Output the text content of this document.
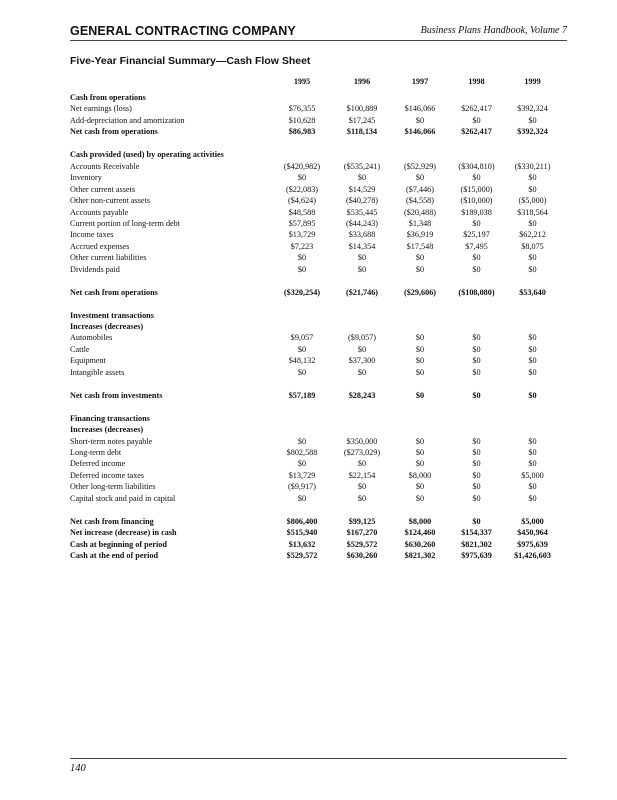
GENERAL CONTRACTING COMPANY	Business Plans Handbook, Volume 7
Five-Year Financial Summary—Cash Flow Sheet
	1995	1996	1997	1998	1999
Cash from operations					
Net earnings (loss)	$76,355	$100,889	$146,066	$262,417	$392,324
Add-depreciation and amortization	$10,628	$17,245	$0	$0	$0
Net cash from operations	$86,983	$118,134	$146,066	$262,417	$392,324

Cash provided (used) by operating activities					
Accounts Receivable	($420,982)	($535,241)	($52,929)	($304,810)	($330,211)
Inventory	$0	$0	$0	$0	$0
Other current assets	($22,083)	$14,529	($7,446)	($15,000)	$0
Other non-current assets	($4,624)	($40,278)	($4,558)	($10,000)	($5,000)
Accounts payable	$48,588	$535,445	($20,488)	$189,038	$318,564
Current portion of long-term debt	$57,895	($44,243)	$1,348	$0	$0
Income taxes	$13,729	$33,688	$36,919	$25,197	$62,212
Accrued expenses	$7,223	$14,354	$17,548	$7,495	$8,075
Other current liabilities	$0	$0	$0	$0	$0
Dividends paid	$0	$0	$0	$0	$0

Net cash from operations	($320,254)	($21,746)	($29,606)	($108,080)	$53,640

Investment transactions					
Increases (decreases)					
Automobiles	$9,057	($9,057)	$0	$0	$0
Cattle	$0	$0	$0	$0	$0
Equipment	$48,132	$37,300	$0	$0	$0
Intangible assets	$0	$0	$0	$0	$0

Net cash from investments	$57,189	$28,243	$0	$0	$0

Financing transactions					
Increases (decreases)					
Short-term notes payable	$0	$350,000	$0	$0	$0
Long-term debt	$802,588	($273,029)	$0	$0	$0
Deferred income	$0	$0	$0	$0	$0
Deferred income taxes	$13,729	$22,154	$8,000	$0	$5,000
Other long-term liabilities	($9,917)	$0	$0	$0	$0
Capital stock and paid in capital	$0	$0	$0	$0	$0

Net cash from financing	$806,400	$99,125	$8,000	$0	$5,000
Net increase (decrease) in cash	$515,940	$167,270	$124,460	$154,337	$450,964
Cash at beginning of period	$13,632	$529,572	$630,260	$821,302	$975,639
Cash at the end of period	$529,572	$630,260	$821,302	$975,639	$1,426,603
140
